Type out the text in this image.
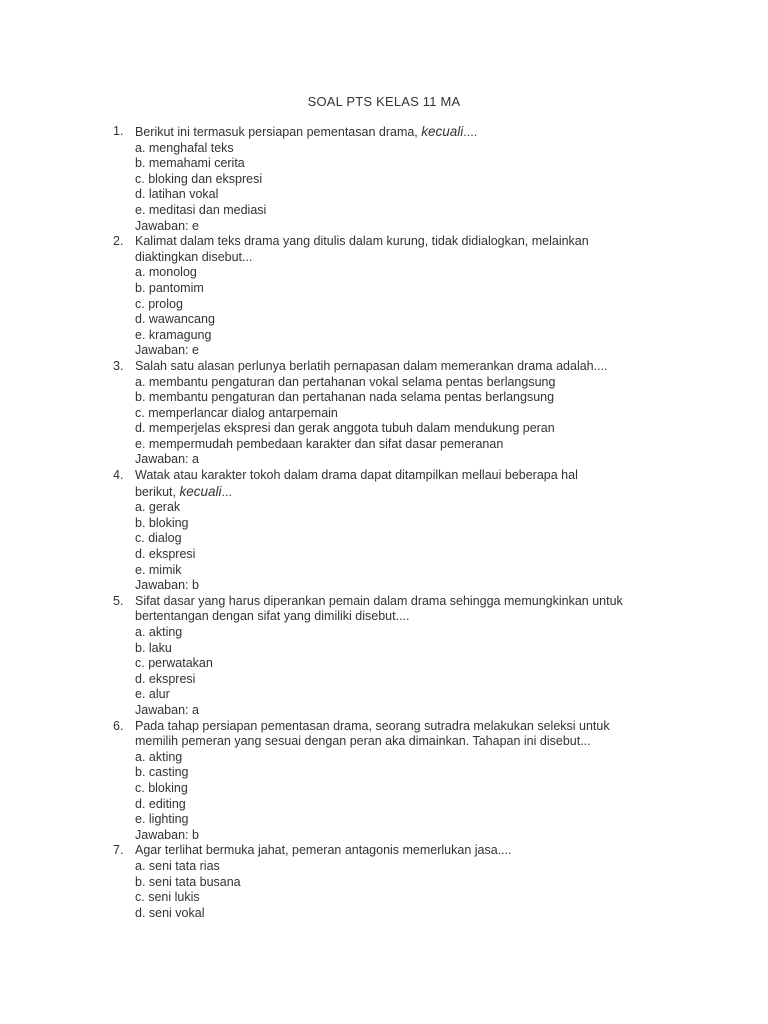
SOAL PTS KELAS 11 MA
1. Berikut ini termasuk persiapan pementasan drama, kecuali....
a. menghafal teks
b. memahami cerita
c. bloking dan ekspresi
d. latihan vokal
e. meditasi dan mediasi
Jawaban: e
2. Kalimat dalam teks drama yang ditulis dalam kurung, tidak didialogkan, melainkan
diaktingkan disebut...
a. monolog
b. pantomim
c. prolog
d. wawancang
e. kramagung
Jawaban: e
3. Salah satu alasan perlunya berlatih pernapasan dalam memerankan drama adalah....
a. membantu pengaturan dan pertahanan vokal selama pentas berlangsung
b. membantu pengaturan dan pertahanan nada selama pentas berlangsung
c. memperlancar dialog antarpemain
d. memperjelas ekspresi dan gerak anggota tubuh dalam mendukung peran
e. mempermudah pembedaan karakter dan sifat dasar pemeranan
Jawaban: a
4. Watak atau karakter tokoh dalam drama dapat ditampilkan mellaui beberapa hal
berikut, kecuali...
a. gerak
b. bloking
c. dialog
d. ekspresi
e. mimik
Jawaban: b
5. Sifat dasar yang harus diperankan pemain dalam drama sehingga memungkinkan untuk
bertentangan dengan sifat yang dimiliki disebut....
a. akting
b. laku
c. perwatakan
d. ekspresi
e. alur
Jawaban: a
6. Pada tahap persiapan pementasan drama, seorang sutradra melakukan seleksi untuk
memilih pemeran yang sesuai dengan peran aka dimainkan. Tahapan ini disebut...
a. akting
b. casting
c. bloking
d. editing
e. lighting
Jawaban: b
7. Agar terlihat bermuka jahat, pemeran antagonis memerlukan jasa....
a. seni tata rias
b. seni tata busana
c. seni lukis
d. seni vokal
